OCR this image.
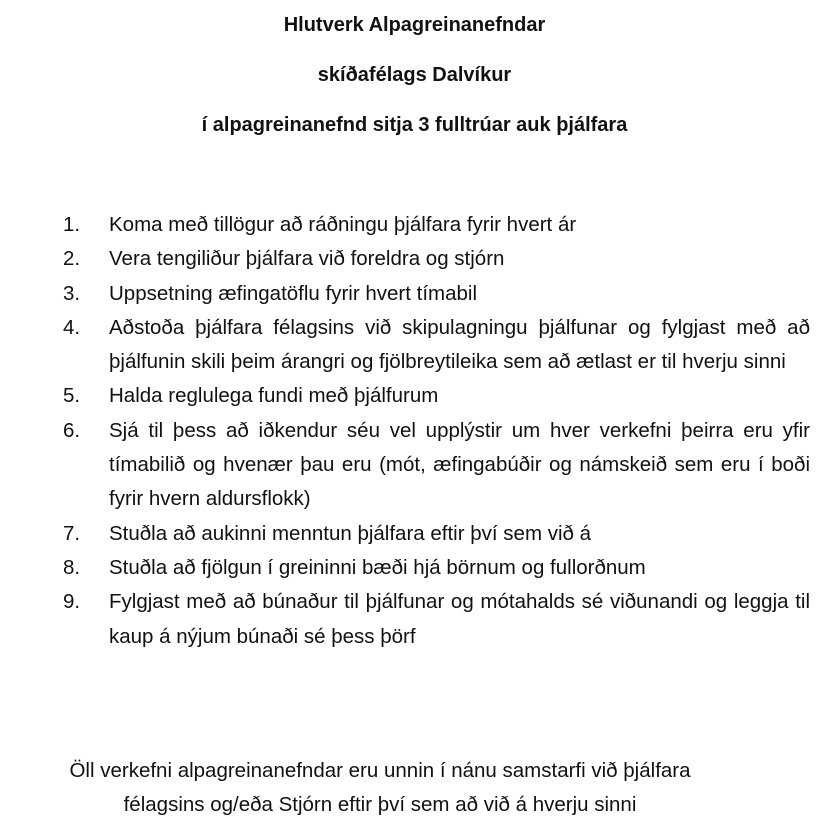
Hlutverk Alpagreinanefndar
skíðafélags Dalvíkur
í alpagreinanefnd sitja 3 fulltrúar auk þjálfara
1. Koma með tillögur að ráðningu þjálfara fyrir hvert ár
2. Vera tengiliður þjálfara við foreldra og stjórn
3. Uppsetning æfingatöflu fyrir hvert tímabil
4. Aðstoða þjálfara félagsins við skipulagningu þjálfunar og fylgjast með að þjálfunin skili þeim árangri og fjölbreytileika sem að ætlast er til hverju sinni
5. Halda reglulega fundi með þjálfurum
6. Sjá til þess að iðkendur séu vel upplýstir um hver verkefni þeirra eru yfir tímabilið og hvenær þau eru (mót, æfingabúðir og námskeið sem eru í boði fyrir hvern aldursflokk)
7. Stuðla að aukinni menntun þjálfara eftir því sem við á
8. Stuðla að fjölgun í greininni bæði hjá börnum og fullorðnum
9. Fylgjast með að búnaður til þjálfunar og mótahalds sé viðunandi og leggja til kaup á nýjum búnaði sé þess þörf
Öll verkefni alpagreinanefndar eru unnin í nánu samstarfi við þjálfara
félagsins og/eða Stjórn eftir því sem að við á hverju sinni
